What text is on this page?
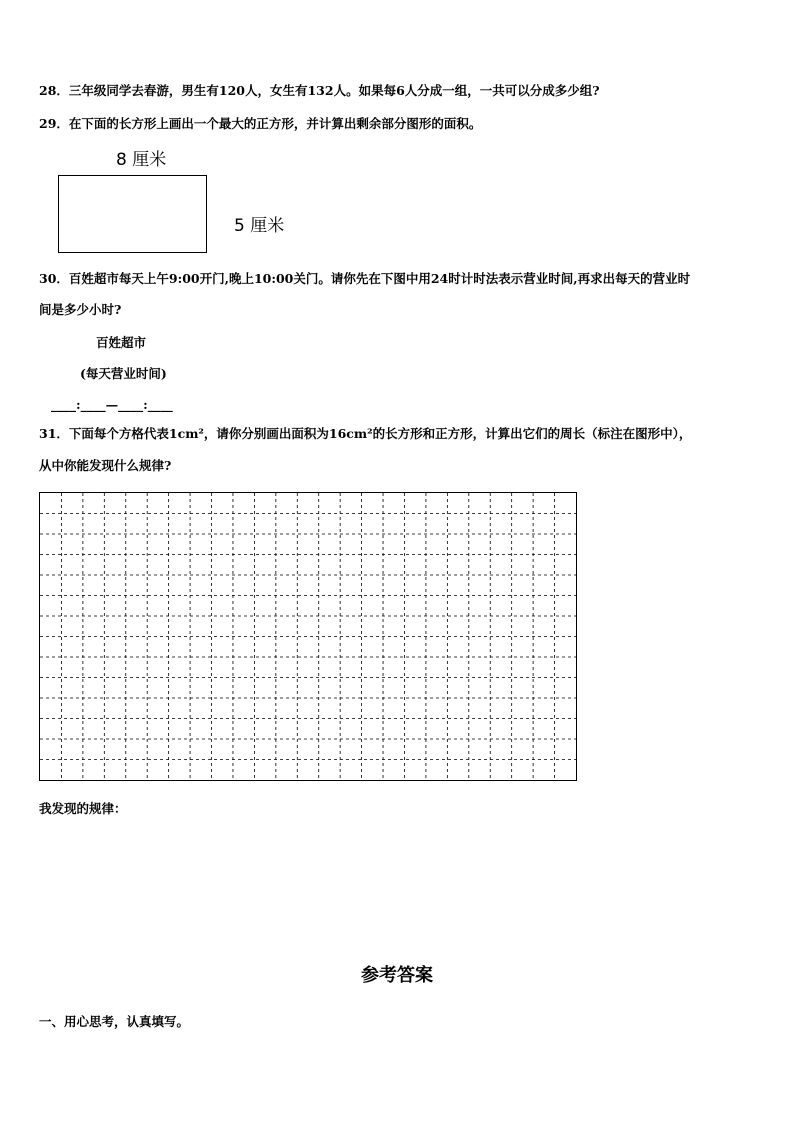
28．三年级同学去春游，男生有120人，女生有132人。如果每6人分成一组，一共可以分成多少组?
29．在下面的长方形上画出一个最大的正方形，并计算出剩余部分图形的面积。
8 厘米
5 厘米
30．百姓超市每天上午9:00开门,晚上10:00关门。请你先在下图中用24时计时法表示营业时间,再求出每天的营业时
间是多少小时?
百姓超市
(每天营业时间)
____:____—____:____
31．下面每个方格代表1cm²，请你分别画出面积为16cm²的长方形和正方形，计算出它们的周长（标注在图形中），
从中你能发现什么规律?
我发现的规律：
参考答案
一、用心思考，认真填写。
